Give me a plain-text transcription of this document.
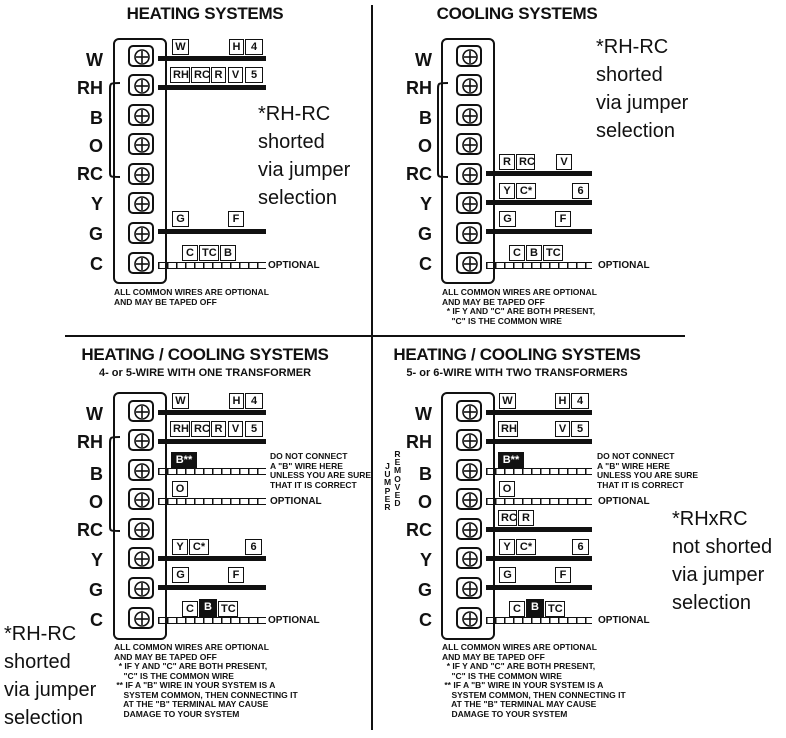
HEATING SYSTEMS
W
RH
B
O
RC
Y
G
C
W	H 4
RH RC R V	5
G	F
C TC B
OPTIONAL
ALL COMMON WIRES ARE OPTIONAL
AND MAY BE TAPED OFF
*RH-RC
shorted
via jumper
selection
COOLING SYSTEMS
W
RH
B
O
RC
Y
G
C
R RC	V
Y C*	6
G	F
C B TC
OPTIONAL
ALL COMMON WIRES ARE OPTIONAL
AND MAY BE TAPED OFF
* IF Y AND "C" ARE BOTH PRESENT,
"C" IS THE COMMON WIRE
*RH-RC
shorted
via jumper
selection
HEATING / COOLING SYSTEMS
4- or 5-WIRE WITH ONE TRANSFORMER
W
RH
B
O
RC
Y
G
C
W	H 4
RH RC R V	5
B**	DO NOT CONNECT
A "B" WIRE HERE
UNLESS YOU ARE SURE
THAT IT IS CORRECT
O
OPTIONAL
Y C*	6
G	F
C B TC
OPTIONAL
ALL COMMON WIRES ARE OPTIONAL
AND MAY BE TAPED OFF
* IF Y AND "C" ARE BOTH PRESENT,
"C" IS THE COMMON WIRE
** IF A "B" WIRE IN YOUR SYSTEM IS A
SYSTEM COMMON, THEN CONNECTING IT
AT THE "B" TERMINAL MAY CAUSE
DAMAGE TO YOUR SYSTEM
*RH-RC
shorted
via jumper
selection
HEATING / COOLING SYSTEMS
5- or 6-WIRE WITH TWO TRANSFORMERS
W
RH
B
O
RC
Y
G
C
JUMPER
REMOVED
W	H 4
RH	V 5
B**	DO NOT CONNECT
A "B" WIRE HERE
UNLESS YOU ARE SURE
THAT IT IS CORRECT
O
OPTIONAL
RC R
Y C*	6
G	F
C B TC
OPTIONAL
ALL COMMON WIRES ARE OPTIONAL
AND MAY BE TAPED OFF
* IF Y AND "C" ARE BOTH PRESENT,
"C" IS THE COMMON WIRE
** IF A "B" WIRE IN YOUR SYSTEM IS A
SYSTEM COMMON, THEN CONNECTING IT
AT THE "B" TERMINAL MAY CAUSE
DAMAGE TO YOUR SYSTEM
*RHxRC
not shorted
via jumper
selection
